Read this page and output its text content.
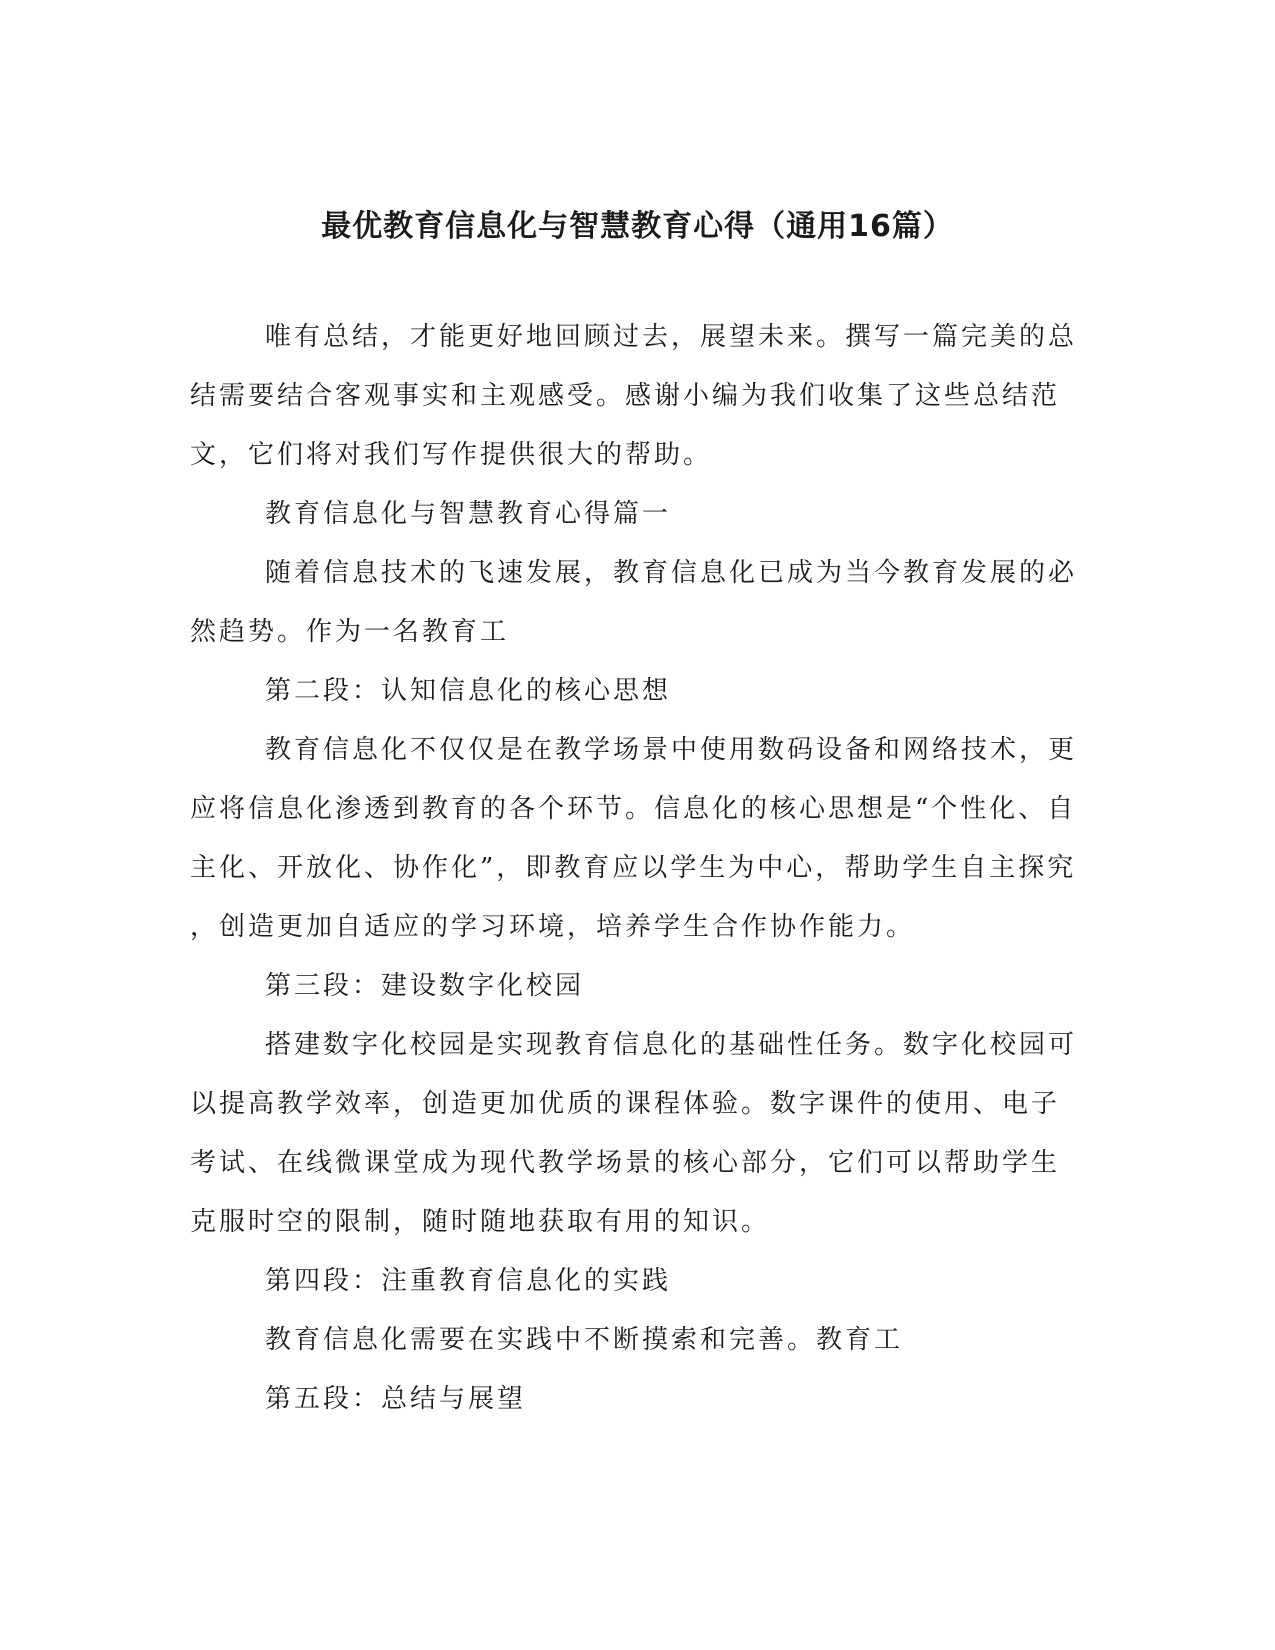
最优教育信息化与智慧教育心得（通用16篇）
唯有总结，才能更好地回顾过去，展望未来。撰写一篇完美的总
结需要结合客观事实和主观感受。感谢小编为我们收集了这些总结范
文，它们将对我们写作提供很大的帮助。
教育信息化与智慧教育心得篇一
随着信息技术的飞速发展，教育信息化已成为当今教育发展的必
然趋势。作为一名教育工
第二段：认知信息化的核心思想
教育信息化不仅仅是在教学场景中使用数码设备和网络技术，更
应将信息化渗透到教育的各个环节。信息化的核心思想是“个性化、自
主化、开放化、协作化”，即教育应以学生为中心，帮助学生自主探究
，创造更加自适应的学习环境，培养学生合作协作能力。
第三段：建设数字化校园
搭建数字化校园是实现教育信息化的基础性任务。数字化校园可
以提高教学效率，创造更加优质的课程体验。数字课件的使用、电子
考试、在线微课堂成为现代教学场景的核心部分，它们可以帮助学生
克服时空的限制，随时随地获取有用的知识。
第四段：注重教育信息化的实践
教育信息化需要在实践中不断摸索和完善。教育工
第五段：总结与展望
